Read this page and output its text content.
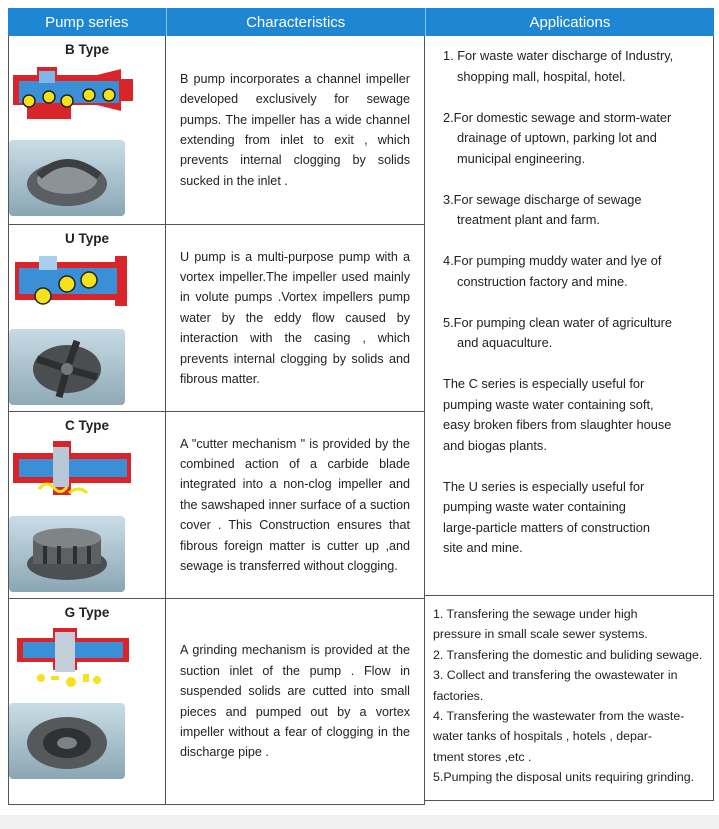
Pump series	Characteristics	Applications
B Type

B pump incorporates a channel impeller developed exclusively for sewage pumps. The impeller has a wide channel extending from inlet to exit , which prevents internal clogging by solids sucked in the inlet .
U Type

U pump is a multi-purpose pump with a vortex impeller.The impeller used mainly in volute pumps .Vortex impellers pump water by the eddy flow caused by interaction with the casing , which prevents internal clogging by solids and fibrous matter.
C Type

A "cutter mechanism " is provided by the combined action of a carbide blade integrated into a non-clog impeller and the sawshaped inner surface of a suction cover . This Construction ensures that fibrous foreign matter is cutter up ,and sewage is transferred without clogging.
G Type

A grinding mechanism is provided at the suction inlet of the pump . Flow in suspended solids are cutted into small pieces and pumped out by a vortex impeller without a fear of clogging in the discharge pipe .

1. For waste water discharge of Industry,
shopping mall, hospital, hotel.

2.For domestic sewage and storm-water
drainage of uptown, parking lot and
municipal engineering.

3.For sewage discharge of sewage
treatment plant and farm.

4.For pumping muddy water and lye of
construction factory and mine.

5.For pumping clean water of agriculture
and aquaculture.

The C series is especially useful for
pumping waste water containing soft,
easy broken fibers from slaughter house
and biogas plants.

The U series is especially useful for
pumping waste water containing
large-particle matters of construction
site and mine.

1. Transfering the sewage under high
pressure in small scale sewer systems.

2. Transfering the domestic and buliding sewage.

3. Collect and transfering the owastewater in
factories.

4. Transfering the wastewater from the waste-
water tanks of hospitals , hotels , depar-
tment stores ,etc .

5.Pumping the disposal units requiring grinding.
